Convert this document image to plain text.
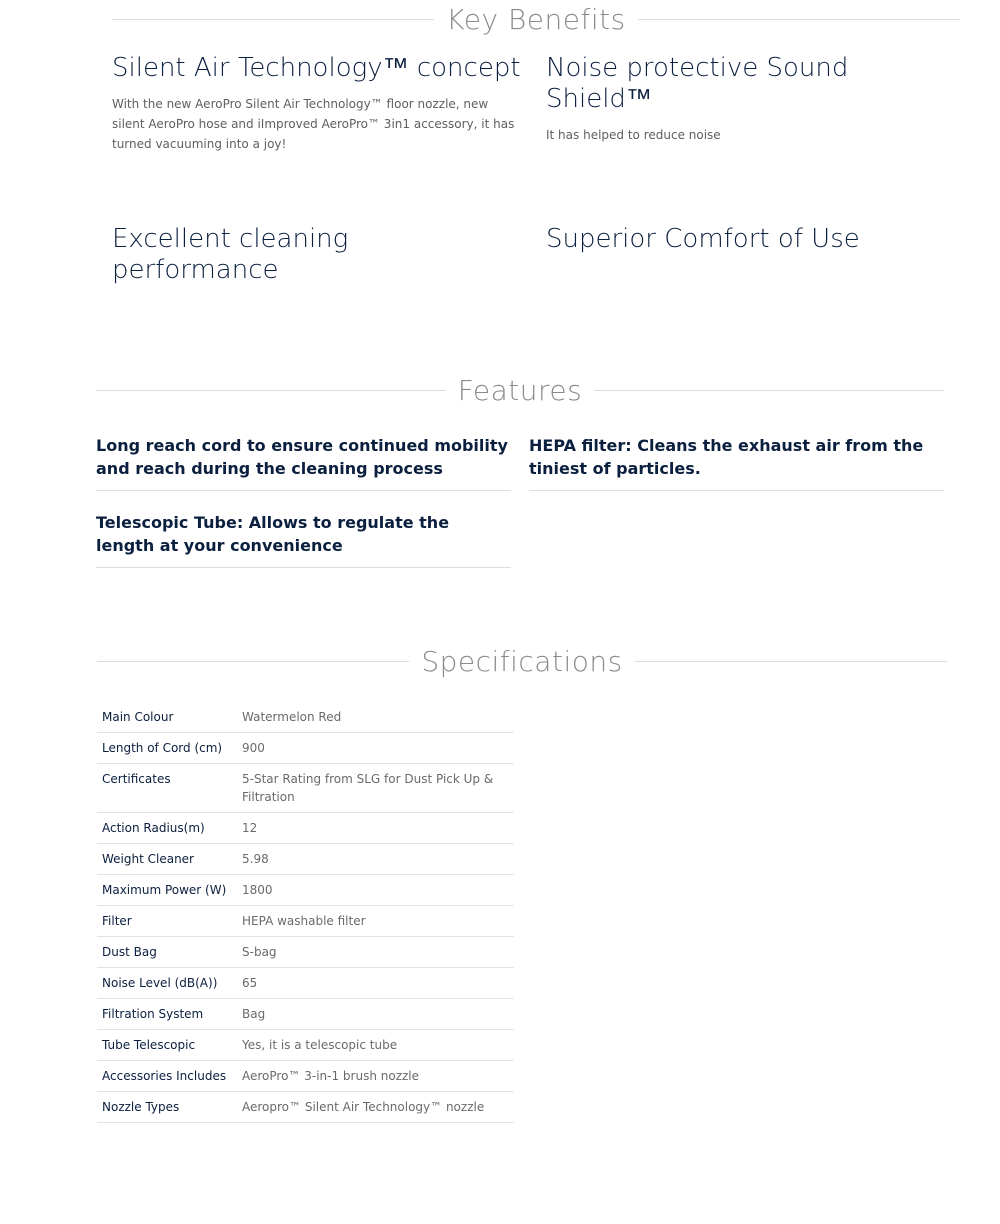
Key Benefits
Silent Air Technology™ concept

With the new AeroPro Silent Air Technology™ floor nozzle, new silent AeroPro hose and iImproved AeroPro™ 3in1 accessory, it has turned vacuuming into a joy!

Noise protective Sound Shield™

It has helped to reduce noise

Excellent cleaning performance

Superior Comfort of Use

Features
Long reach cord to ensure continued mobility and reach during the cleaning process
HEPA filter: Cleans the exhaust air from the tiniest of particles.
Telescopic Tube: Allows to regulate the length at your convenience
Specifications
Main Colour	Watermelon Red
Length of Cord (cm)	900
Certificates	5-Star Rating from SLG for Dust Pick Up & Filtration
Action Radius(m)	12
Weight Cleaner	5.98
Maximum Power (W)	1800
Filter	HEPA washable filter
Dust Bag	S-bag
Noise Level (dB(A))	65
Filtration System	Bag
Tube Telescopic	Yes, it is a telescopic tube
Accessories Includes	AeroPro™ 3-in-1 brush nozzle
Nozzle Types	Aeropro™ Silent Air Technology™ nozzle
